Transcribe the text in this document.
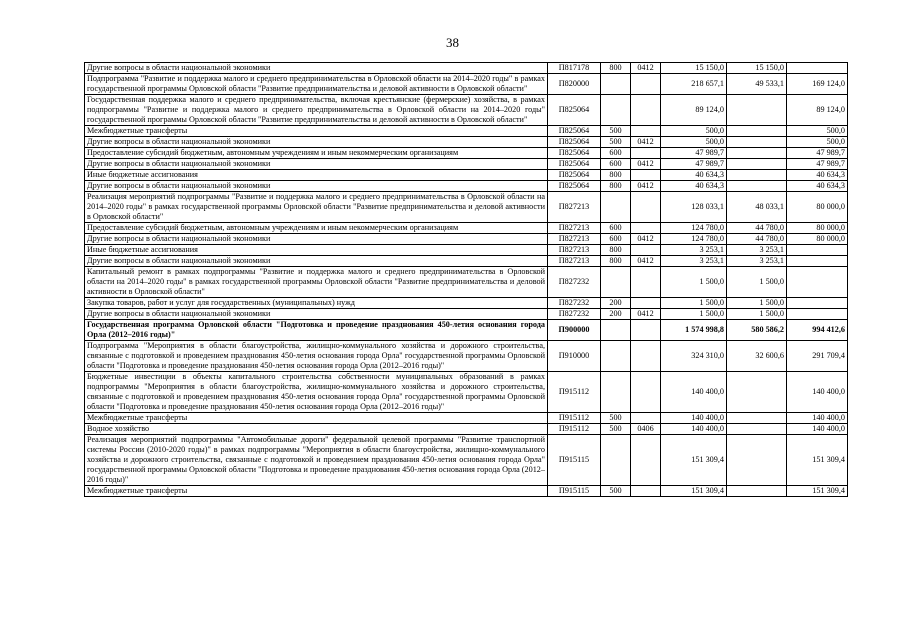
38
Другие вопросы в области национальной экономики	П817178	800	0412	15 150,0	15 150,0	
Подпрограмма "Развитие и поддержка малого и среднего предпринимательства в Орловской области на 2014–2020 годы" в рамках государственной программы Орловской области "Развитие предпринимательства и деловой активности в Орловской области"	П820000			218 657,1	49 533,1	169 124,0
Государственная поддержка малого и среднего предпринимательства, включая крестьянские (фермерские) хозяйства, в рамках подпрограммы "Развитие и поддержка малого и среднего предпринимательства в Орловской области на 2014–2020 годы" государственной программы Орловской области "Развитие предпринимательства и деловой активности в Орловской области"	П825064			89 124,0		89 124,0
Межбюджетные трансферты	П825064	500		500,0		500,0
Другие вопросы в области национальной экономики	П825064	500	0412	500,0		500,0
Предоставление субсидий бюджетным, автономным учреждениям и иным некоммерческим организациям	П825064	600		47 989,7		47 989,7
Другие вопросы в области национальной экономики	П825064	600	0412	47 989,7		47 989,7
Иные бюджетные ассигнования	П825064	800		40 634,3		40 634,3
Другие вопросы в области национальной экономики	П825064	800	0412	40 634,3		40 634,3
Реализация мероприятий подпрограммы "Развитие и поддержка малого и среднего предпринимательства в Орловской области на 2014–2020 годы" в рамках государственной программы Орловской области "Развитие предпринимательства и деловой активности в Орловской области"	П827213			128 033,1	48 033,1	80 000,0
Предоставление субсидий бюджетным, автономным учреждениям и иным некоммерческим организациям	П827213	600		124 780,0	44 780,0	80 000,0
Другие вопросы в области национальной экономики	П827213	600	0412	124 780,0	44 780,0	80 000,0
Иные бюджетные ассигнования	П827213	800		3 253,1	3 253,1	
Другие вопросы в области национальной экономики	П827213	800	0412	3 253,1	3 253,1	
Капитальный ремонт в рамках подпрограммы "Развитие и поддержка малого и среднего предпринимательства в Орловской области на 2014–2020 годы" в рамках государственной программы Орловской области "Развитие предпринимательства и деловой активности в Орловской области"	П827232			1 500,0	1 500,0	
Закупка товаров, работ и услуг для государственных (муниципальных) нужд	П827232	200		1 500,0	1 500,0	
Другие вопросы в области национальной экономики	П827232	200	0412	1 500,0	1 500,0	
Государственная программа Орловской области "Подготовка и проведение празднования 450-летия основания города Орла (2012–2016 годы)"	П900000			1 574 998,8	580 586,2	994 412,6
Подпрограмма "Мероприятия в области благоустройства, жилищно-коммунального хозяйства и дорожного строительства, связанные с подготовкой и проведением празднования 450-летия основания города Орла" государственной программы Орловской области "Подготовка и проведение празднования 450-летия основания города Орла (2012–2016 годы)"	П910000			324 310,0	32 600,6	291 709,4
Бюджетные инвестиции в объекты капитального строительства собственности муниципальных образований в рамках подпрограммы "Мероприятия в области благоустройства, жилищно-коммунального хозяйства и дорожного строительства, связанные с подготовкой и проведением празднования 450-летия основания города Орла" государственной программы Орловской области "Подготовка и проведение празднования 450-летия основания города Орла (2012–2016 годы)"	П915112			140 400,0		140 400,0
Межбюджетные трансферты	П915112	500		140 400,0		140 400,0
Водное хозяйство	П915112	500	0406	140 400,0		140 400,0
Реализация мероприятий подпрограммы "Автомобильные дороги" федеральной целевой программы "Развитие транспортной системы России (2010-2020 годы)" в рамках подпрограммы "Мероприятия в области благоустройства, жилищно-коммунального хозяйства и дорожного строительства, связанные с подготовкой и проведением празднования 450-летия основания города Орла" государственной программы Орловской области "Подготовка и проведение празднования 450-летия основания города Орла (2012–2016 годы)"	П915115			151 309,4		151 309,4
Межбюджетные трансферты	П915115	500		151 309,4		151 309,4
